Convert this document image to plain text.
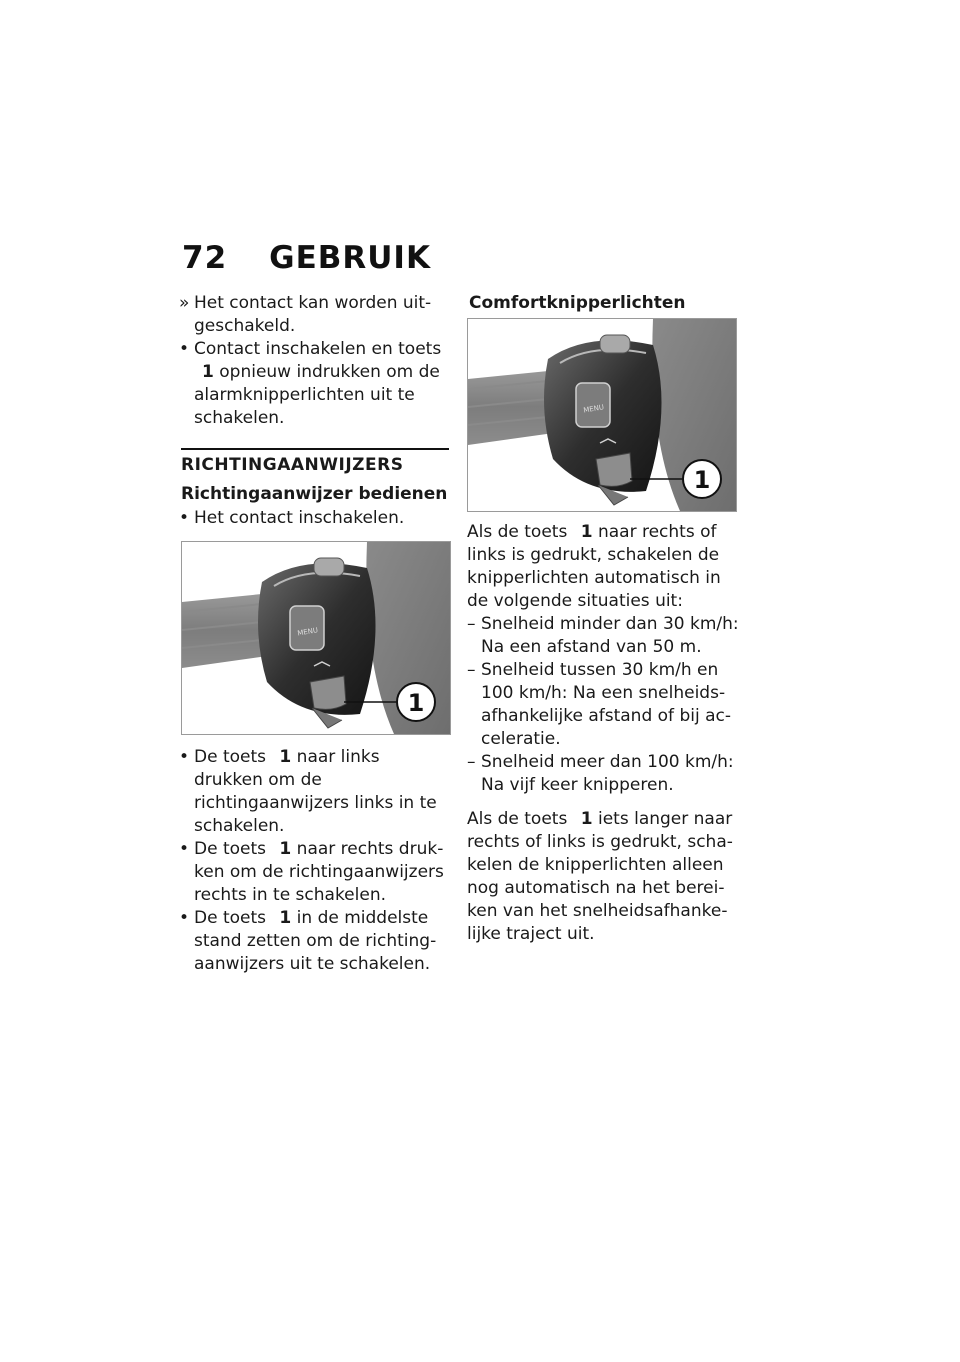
72 GEBRUIK

» Het contact kan worden uit-geschakeld.

• Contact inschakelen en toets 1 opnieuw indrukken om de alarmknipperlichten uit te schakelen.

RICHTINGAANWIJZERS

Richtingaanwijzer bedienen

• Het contact inschakelen.

MENU
1

• De toets 1 naar links drukken om de richtingaanwijzers links in te schakelen.

• De toets 1 naar rechts druk-ken om de richtingaanwijzers rechts in te schakelen.

• De toets 1 in de middelste stand zetten om de richting-aanwijzers uit te schakelen.

Comfortknipperlichten

MENU
1

Als de toets 1 naar rechts of links is gedrukt, schakelen de knipperlichten automatisch in de volgende situaties uit:

– Snelheid minder dan 30 km/h: Na een afstand van 50 m.

– Snelheid tussen 30 km/h en 100 km/h: Na een snelheids-afhankelijke afstand of bij ac-celeratie.

– Snelheid meer dan 100 km/h: Na vijf keer knipperen.

Als de toets 1 iets langer naar rechts of links is gedrukt, scha-kelen de knipperlichten alleen nog automatisch na het berei-ken van het snelheidsafhanke-lijke traject uit.
